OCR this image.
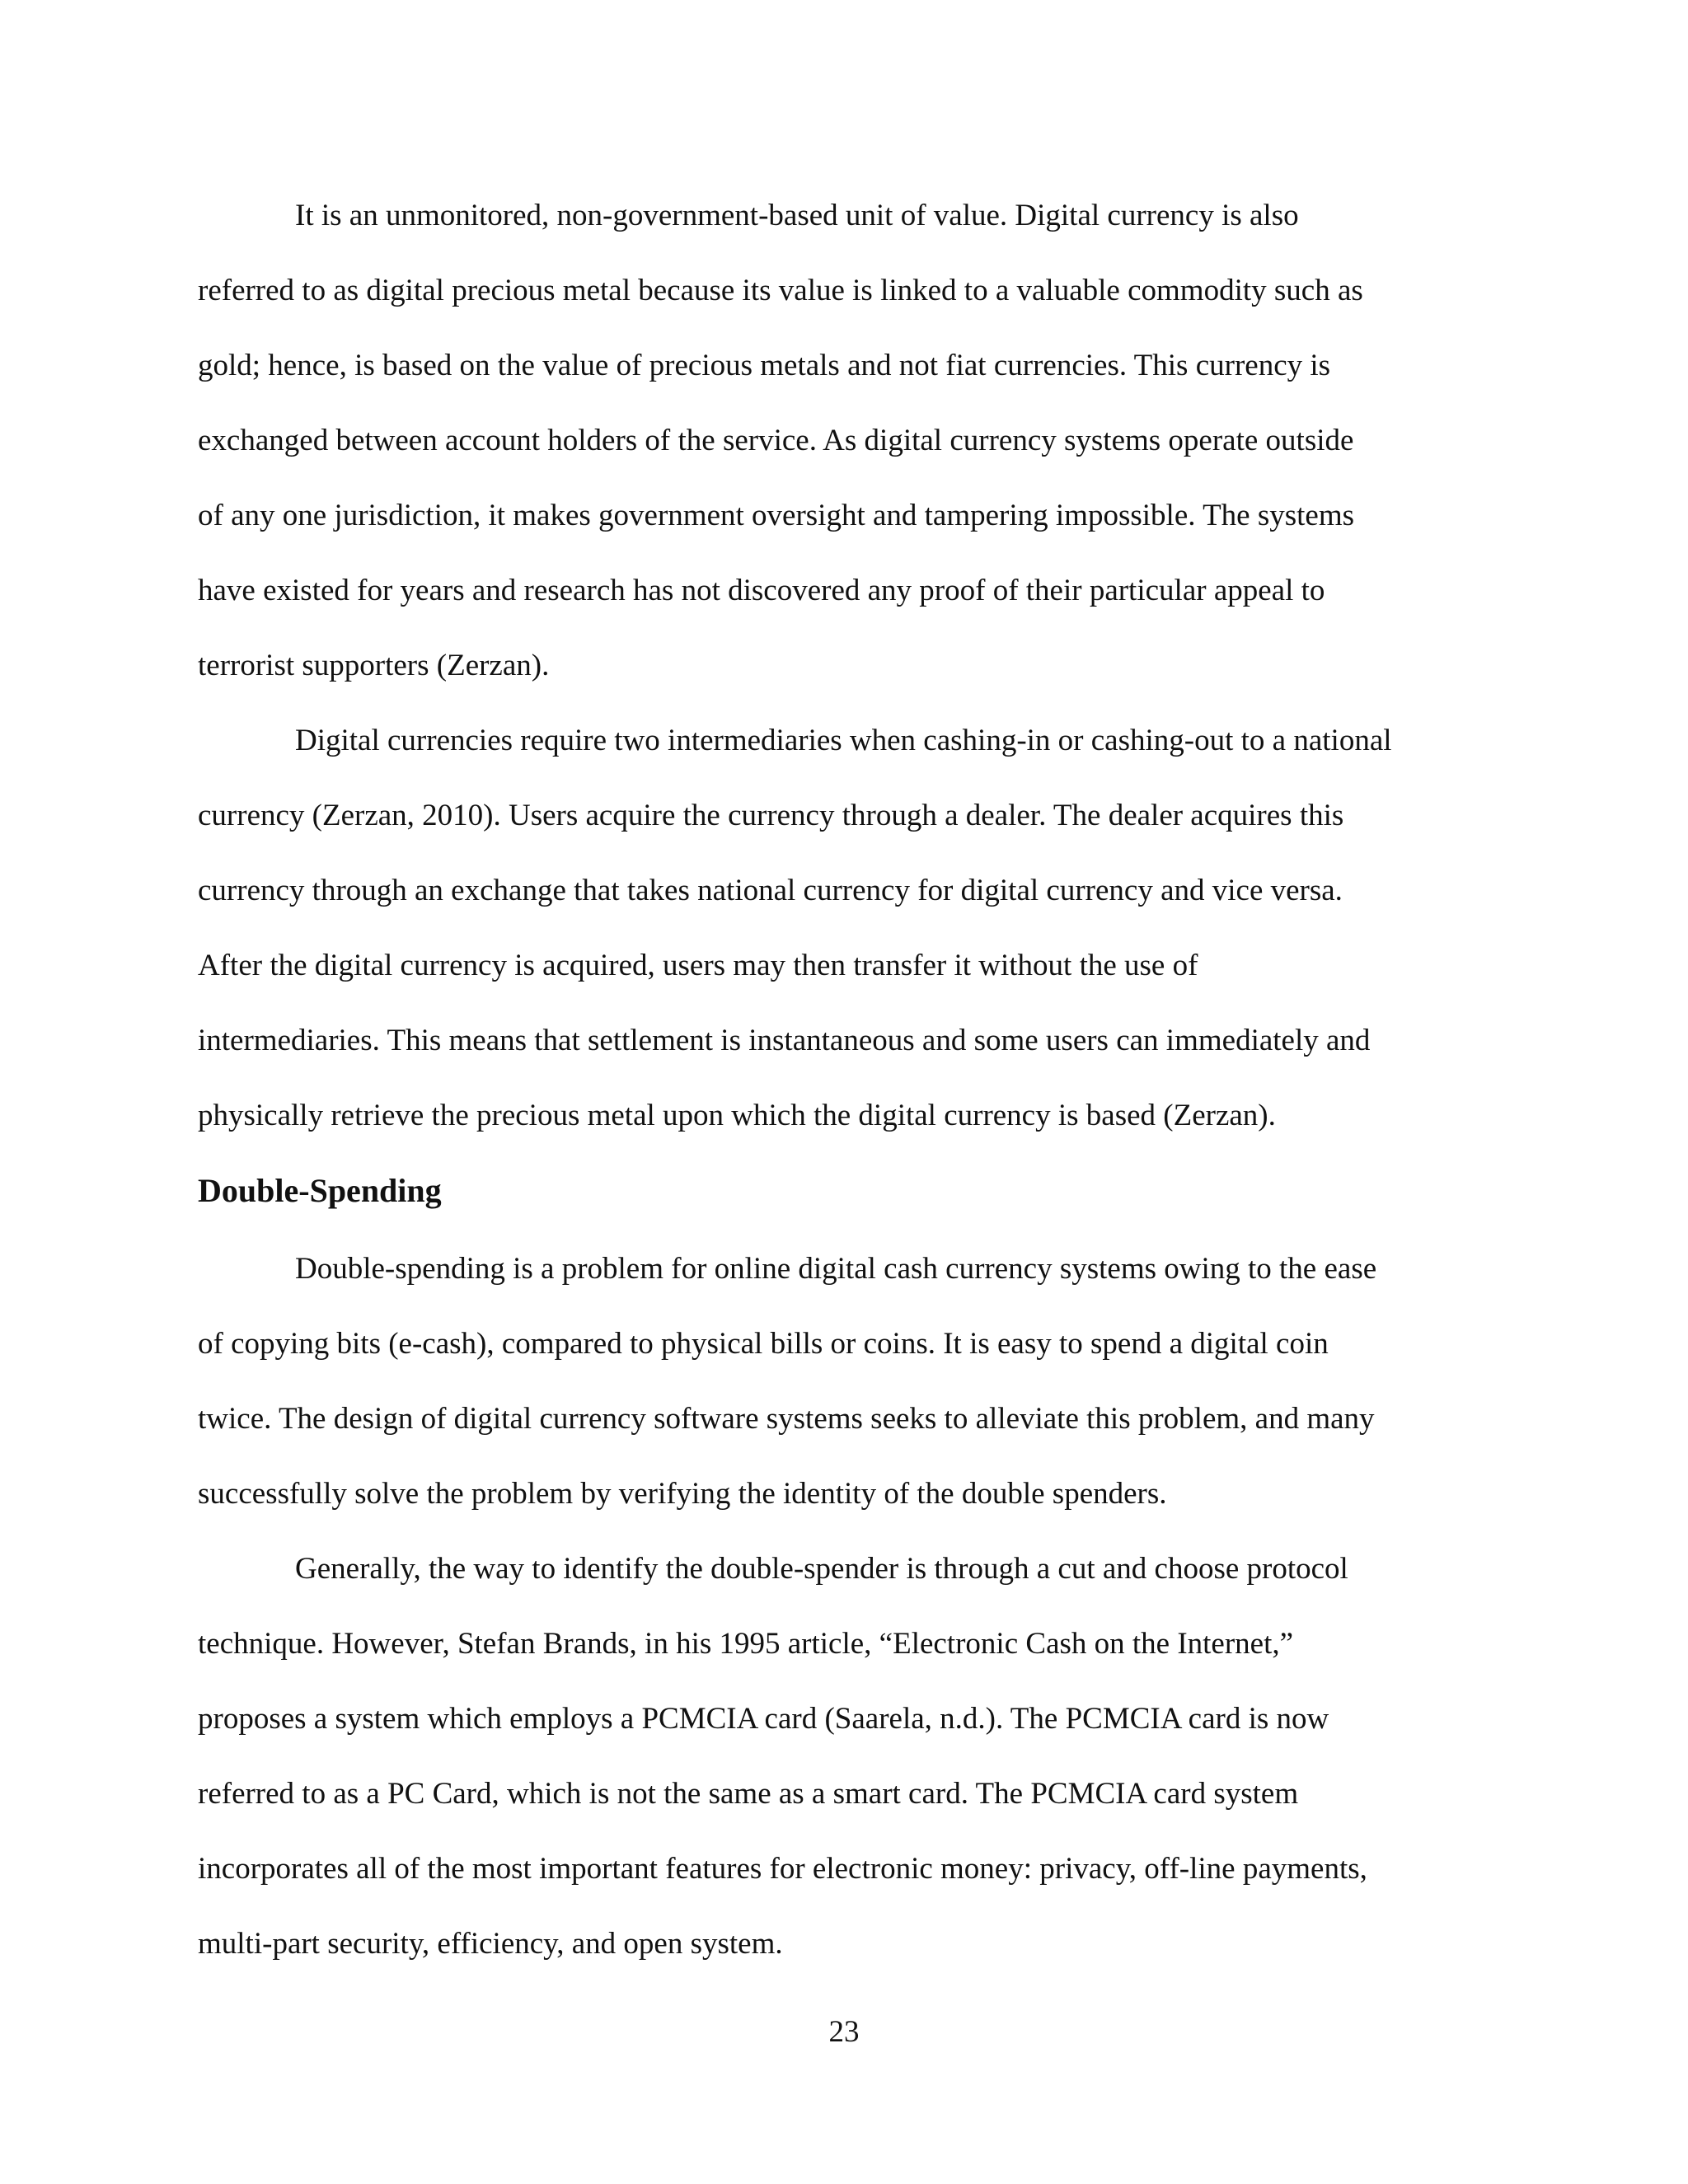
It is an unmonitored, non-government-based unit of value. Digital currency is also
referred to as digital precious metal because its value is linked to a valuable commodity such as
gold; hence, is based on the value of precious metals and not fiat currencies. This currency is
exchanged between account holders of the service. As digital currency systems operate outside
of any one jurisdiction, it makes government oversight and tampering impossible. The systems
have existed for years and research has not discovered any proof of their particular appeal to
terrorist supporters (Zerzan).
Digital currencies require two intermediaries when cashing-in or cashing-out to a national
currency (Zerzan, 2010). Users acquire the currency through a dealer. The dealer acquires this
currency through an exchange that takes national currency for digital currency and vice versa.
After the digital currency is acquired, users may then transfer it without the use of
intermediaries. This means that settlement is instantaneous and some users can immediately and
physically retrieve the precious metal upon which the digital currency is based (Zerzan).
Double-Spending
Double-spending is a problem for online digital cash currency systems owing to the ease
of copying bits (e-cash), compared to physical bills or coins. It is easy to spend a digital coin
twice. The design of digital currency software systems seeks to alleviate this problem, and many
successfully solve the problem by verifying the identity of the double spenders.
Generally, the way to identify the double-spender is through a cut and choose protocol
technique. However, Stefan Brands, in his 1995 article, “Electronic Cash on the Internet,”
proposes a system which employs a PCMCIA card (Saarela, n.d.). The PCMCIA card is now
referred to as a PC Card, which is not the same as a smart card. The PCMCIA card system
incorporates all of the most important features for electronic money: privacy, off-line payments,
multi-part security, efficiency, and open system.
23
